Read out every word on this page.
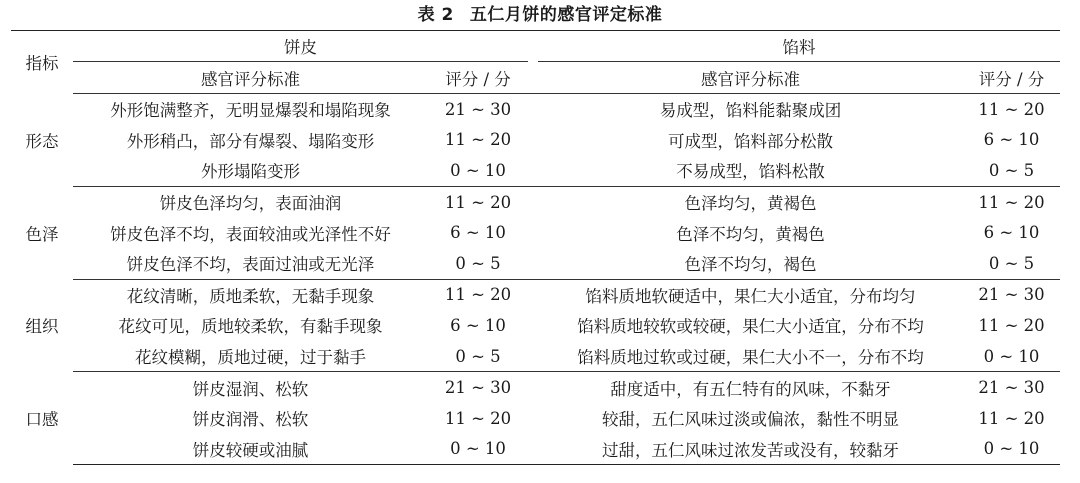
表 2 五仁月饼的感官评定标准
指标	饼皮			馅料	
	感官评分标准	评分 / 分		感官评分标准	评分 / 分
形态	外形饱满整齐，无明显爆裂和塌陷现象	21 ~ 30		易成型，馅料能黏聚成团	11 ~ 20
	外形稍凸，部分有爆裂、塌陷变形	11 ~ 20		可成型，馅料部分松散	6 ~ 10
	外形塌陷变形	0 ~ 10		不易成型，馅料松散	0 ~ 5
色泽	饼皮色泽均匀，表面油润	11 ~ 20		色泽均匀，黄褐色	11 ~ 20
	饼皮色泽不均，表面较油或光泽性不好	6 ~ 10		色泽不均匀，黄褐色	6 ~ 10
	饼皮色泽不均，表面过油或无光泽	0 ~ 5		色泽不均匀，褐色	0 ~ 5
组织	花纹清晰，质地柔软，无黏手现象	11 ~ 20		馅料质地软硬适中，果仁大小适宜，分布均匀	21 ~ 30
	花纹可见，质地较柔软，有黏手现象	6 ~ 10		馅料质地较软或较硬，果仁大小适宜，分布不均	11 ~ 20
	花纹模糊，质地过硬，过于黏手	0 ~ 5		馅料质地过软或过硬，果仁大小不一，分布不均	0 ~ 10
口感	饼皮湿润、松软	21 ~ 30		甜度适中，有五仁特有的风味，不黏牙	21 ~ 30
	饼皮润滑、松软	11 ~ 20		较甜，五仁风味过淡或偏浓，黏性不明显	11 ~ 20
	饼皮较硬或油腻	0 ~ 10		过甜，五仁风味过浓发苦或没有，较黏牙	0 ~ 10
